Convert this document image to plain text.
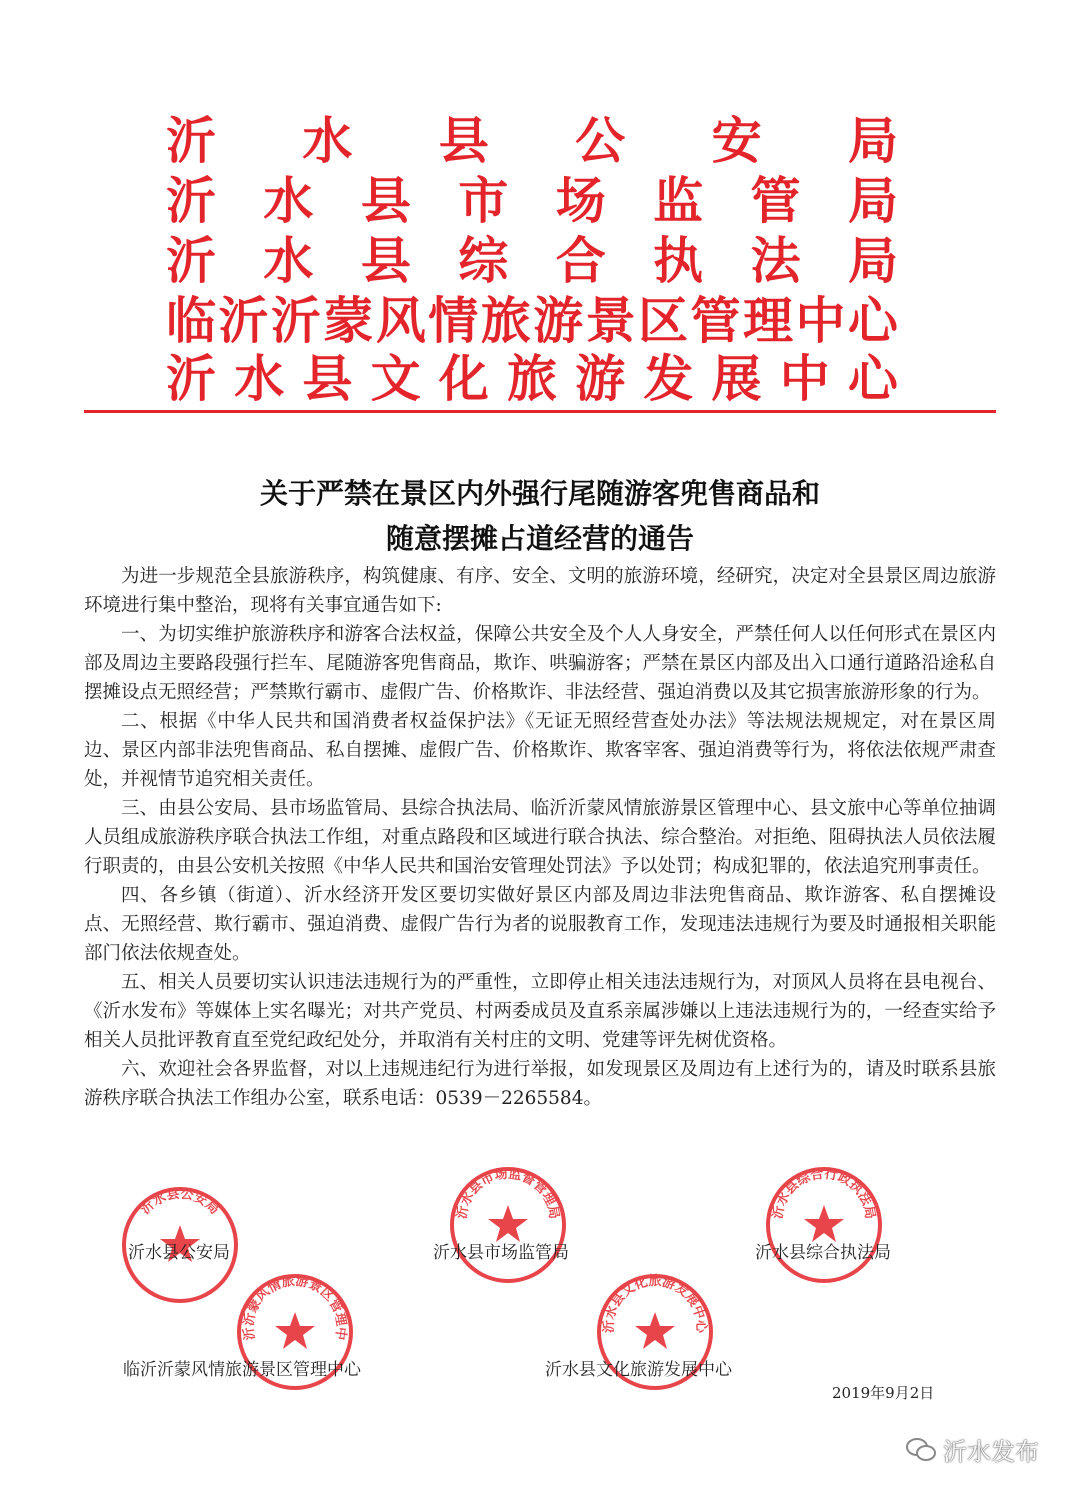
沂 水 县 公 安 局
沂 水 县 市 场 监 管 局
沂 水 县 综 合 执 法 局
临 沂 沂 蒙 风 情 旅 游 景 区 管 理 中 心
沂 水 县 文 化 旅 游 发 展 中 心
关于严禁在景区内外强行尾随游客兜售商品和
随意摆摊占道经营的通告

为进一步规范全县旅游秩序，构筑健康、有序、安全、文明的旅游环境，经研究，决定对全县景区周边旅游环境进行集中整治，现将有关事宜通告如下:

一、为切实维护旅游秩序和游客合法权益，保障公共安全及个人人身安全，严禁任何人以任何形式在景区内部及周边主要路段强行拦车、尾随游客兜售商品，欺诈、哄骗游客；严禁在景区内部及出入口通行道路沿途私自摆摊设点无照经营；严禁欺行霸市、虚假广告、价格欺诈、非法经营、强迫消费以及其它损害旅游形象的行为。

二、根据《中华人民共和国消费者权益保护法》《无证无照经营查处办法》等法规法规规定，对在景区周边、景区内部非法兜售商品、私自摆摊、虚假广告、价格欺诈、欺客宰客、强迫消费等行为，将依法依规严肃查处，并视情节追究相关责任。

三、由县公安局、县市场监管局、县综合执法局、临沂沂蒙风情旅游景区管理中心、县文旅中心等单位抽调人员组成旅游秩序联合执法工作组，对重点路段和区域进行联合执法、综合整治。对拒绝、阻碍执法人员依法履行职责的，由县公安机关按照《中华人民共和国治安管理处罚法》予以处罚；构成犯罪的，依法追究刑事责任。

四、各乡镇（街道）、沂水经济开发区要切实做好景区内部及周边非法兜售商品、欺诈游客、私自摆摊设点、无照经营、欺行霸市、强迫消费、虚假广告行为者的说服教育工作，发现违法违规行为要及时通报相关职能部门依法依规查处。

五、相关人员要切实认识违法违规行为的严重性，立即停止相关违法违规行为，对顶风人员将在县电视台、《沂水发布》等媒体上实名曝光；对共产党员、村两委成员及直系亲属涉嫌以上违法违规行为的，一经查实给予相关人员批评教育直至党纪政纪处分，并取消有关村庄的文明、党建等评先树优资格。

六、欢迎社会各界监督，对以上违规违纪行为进行举报，如发现景区及周边有上述行为的，请及时联系县旅游秩序联合执法工作组办公室，联系电话：0539－2265584。

沂水县公安局	沂水县市场监督管理局	沂水县综合行政执法局
沂沂蒙风情旅游景区管理中	沂水县文化旅游发展中心
沂水县公安局	沂水县市场监管局	沂水县综合执法局
临沂沂蒙风情旅游景区管理中心	沂水县文化旅游发展中心
2019年9月2日
沂水发布
